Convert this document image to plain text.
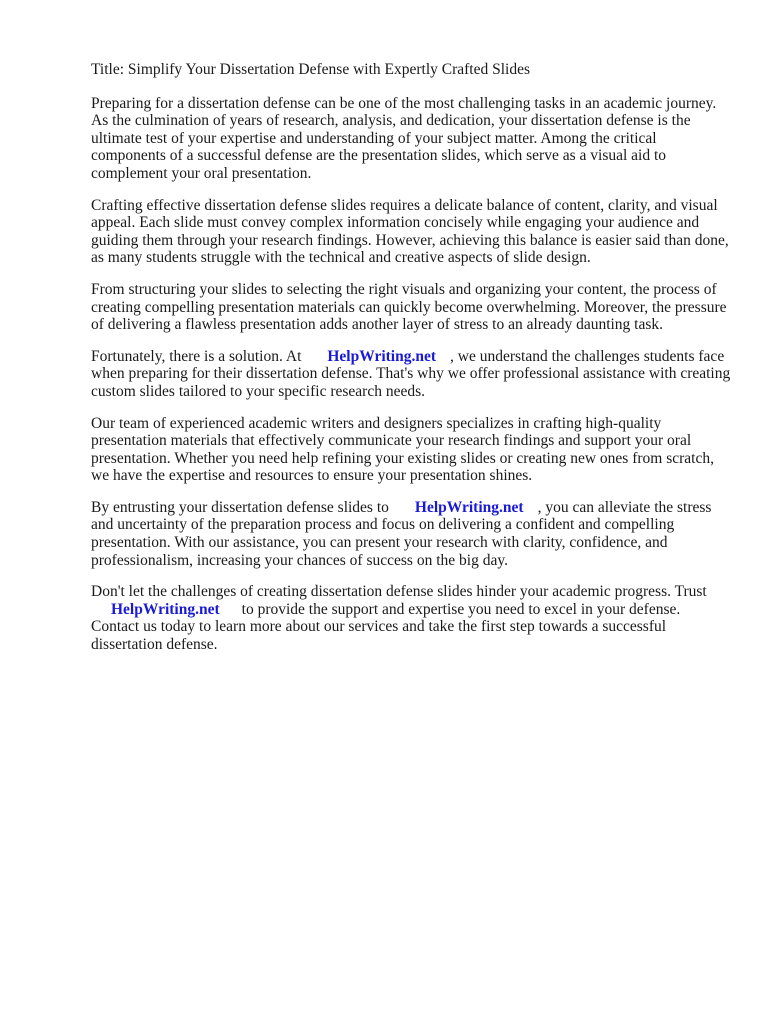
Title: Simplify Your Dissertation Defense with Expertly Crafted Slides

Preparing for a dissertation defense can be one of the most challenging tasks in an academic journey. As the culmination of years of research, analysis, and dedication, your dissertation defense is the ultimate test of your expertise and understanding of your subject matter. Among the critical components of a successful defense are the presentation slides, which serve as a visual aid to complement your oral presentation.

Crafting effective dissertation defense slides requires a delicate balance of content, clarity, and visual appeal. Each slide must convey complex information concisely while engaging your audience and guiding them through your research findings. However, achieving this balance is easier said than done, as many students struggle with the technical and creative aspects of slide design.

From structuring your slides to selecting the right visuals and organizing your content, the process of creating compelling presentation materials can quickly become overwhelming. Moreover, the pressure of delivering a flawless presentation adds another layer of stress to an already daunting task.

Fortunately, there is a solution. At HelpWriting.net , we understand the challenges students face when preparing for their dissertation defense. That's why we offer professional assistance with creating custom slides tailored to your specific research needs.

Our team of experienced academic writers and designers specializes in crafting high-quality presentation materials that effectively communicate your research findings and support your oral presentation. Whether you need help refining your existing slides or creating new ones from scratch, we have the expertise and resources to ensure your presentation shines.

By entrusting your dissertation defense slides to HelpWriting.net , you can alleviate the stress and uncertainty of the preparation process and focus on delivering a confident and compelling presentation. With our assistance, you can present your research with clarity, confidence, and professionalism, increasing your chances of success on the big day.

Don't let the challenges of creating dissertation defense slides hinder your academic progress. Trust
HelpWriting.net to provide the support and expertise you need to excel in your defense. Contact us today to learn more about our services and take the first step towards a successful dissertation defense.
